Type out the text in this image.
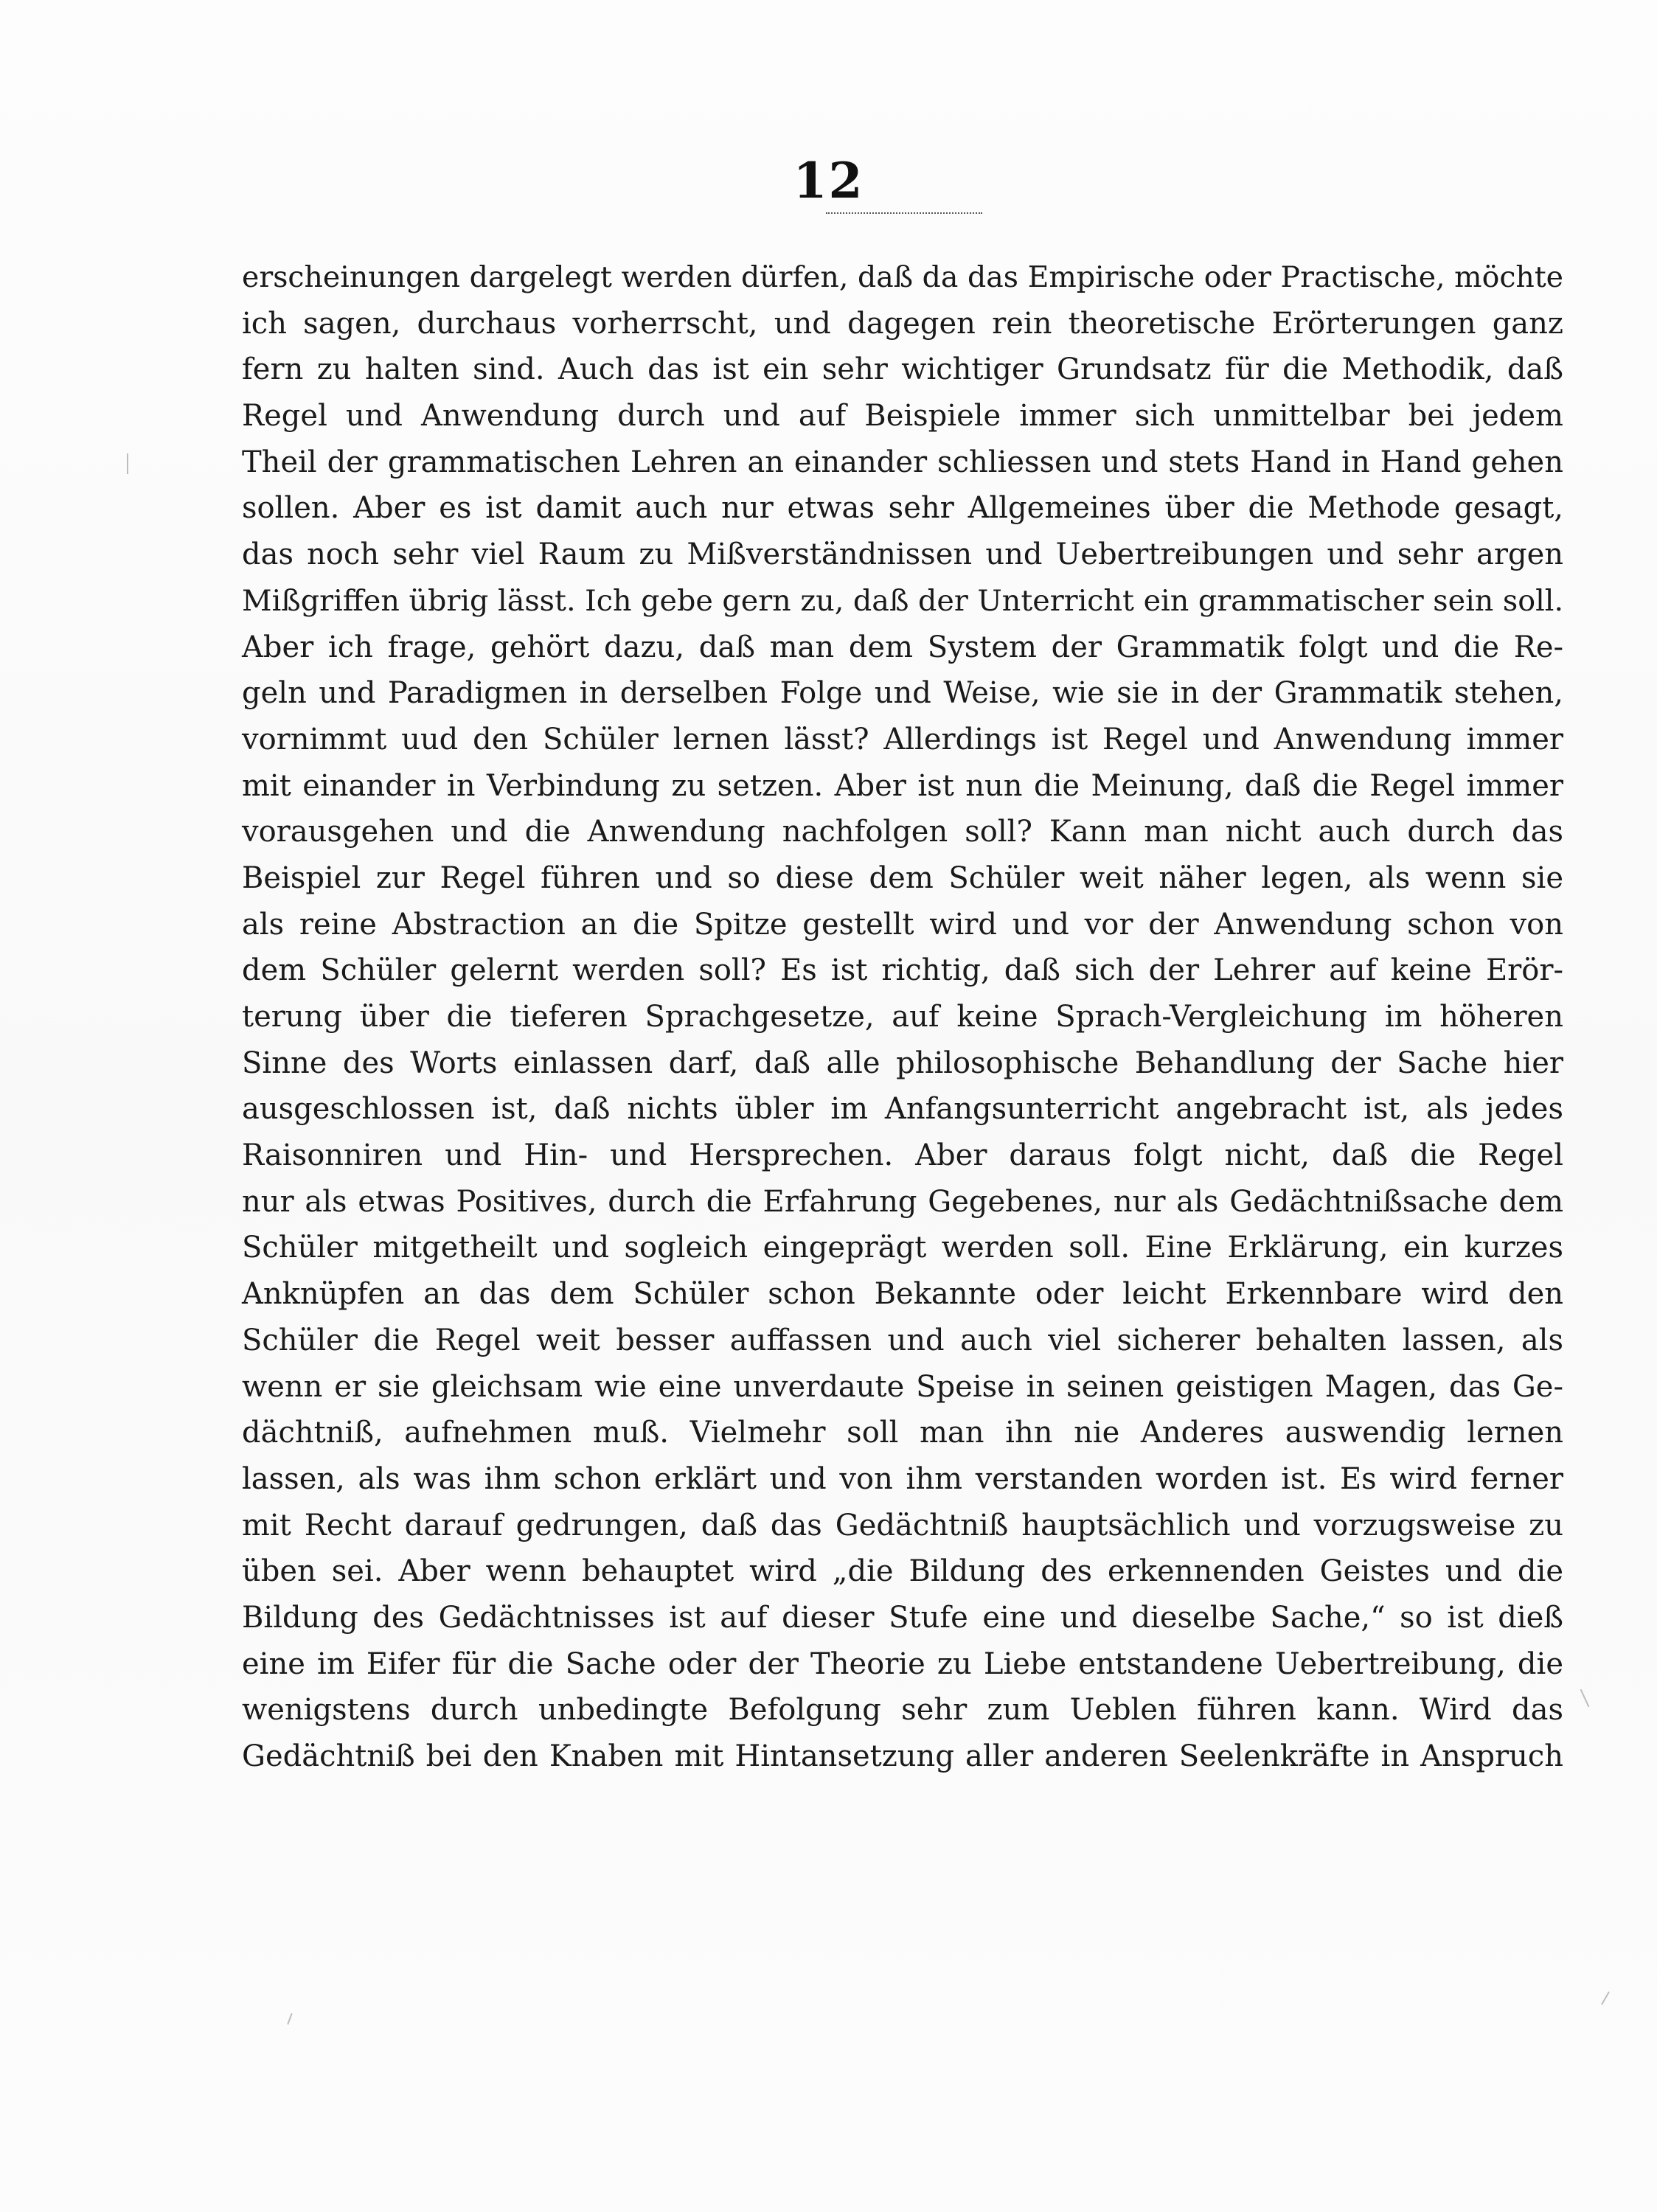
12
erscheinungen dargelegt werden dürfen, daß da das Empirische oder Practische, möchte
ich sagen, durchaus vorherrscht, und dagegen rein theoretische Erörterungen ganz
fern zu halten sind. Auch das ist ein sehr wichtiger Grundsatz für die Methodik, daß
Regel und Anwendung durch und auf Beispiele immer sich unmittelbar bei jedem
Theil der grammatischen Lehren an einander schliessen und stets Hand in Hand gehen
sollen. Aber es ist damit auch nur etwas sehr Allgemeines über die Methode gesagt,
das noch sehr viel Raum zu Mißverständnissen und Uebertreibungen und sehr argen
Mißgriffen übrig lässt. Ich gebe gern zu, daß der Unterricht ein grammatischer sein soll.
Aber ich frage, gehört dazu, daß man dem System der Grammatik folgt und die Re-
geln und Paradigmen in derselben Folge und Weise, wie sie in der Grammatik stehen,
vornimmt uud den Schüler lernen lässt? Allerdings ist Regel und Anwendung immer
mit einander in Verbindung zu setzen. Aber ist nun die Meinung, daß die Regel immer
vorausgehen und die Anwendung nachfolgen soll? Kann man nicht auch durch das
Beispiel zur Regel führen und so diese dem Schüler weit näher legen, als wenn sie
als reine Abstraction an die Spitze gestellt wird und vor der Anwendung schon von
dem Schüler gelernt werden soll? Es ist richtig, daß sich der Lehrer auf keine Erör-
terung über die tieferen Sprachgesetze, auf keine Sprach-Vergleichung im höheren
Sinne des Worts einlassen darf, daß alle philosophische Behandlung der Sache hier
ausgeschlossen ist, daß nichts übler im Anfangsunterricht angebracht ist, als jedes
Raisonniren und Hin- und Hersprechen. Aber daraus folgt nicht, daß die Regel
nur als etwas Positives, durch die Erfahrung Gegebenes, nur als Gedächtnißsache dem
Schüler mitgetheilt und sogleich eingeprägt werden soll. Eine Erklärung, ein kurzes
Anknüpfen an das dem Schüler schon Bekannte oder leicht Erkennbare wird den
Schüler die Regel weit besser auffassen und auch viel sicherer behalten lassen, als
wenn er sie gleichsam wie eine unverdaute Speise in seinen geistigen Magen, das Ge-
dächtniß, aufnehmen muß. Vielmehr soll man ihn nie Anderes auswendig lernen
lassen, als was ihm schon erklärt und von ihm verstanden worden ist. Es wird ferner
mit Recht darauf gedrungen, daß das Gedächtniß hauptsächlich und vorzugsweise zu
üben sei. Aber wenn behauptet wird „die Bildung des erkennenden Geistes und die
Bildung des Gedächtnisses ist auf dieser Stufe eine und dieselbe Sache,“ so ist dieß
eine im Eifer für die Sache oder der Theorie zu Liebe entstandene Uebertreibung, die
wenigstens durch unbedingte Befolgung sehr zum Ueblen führen kann. Wird das
Gedächtniß bei den Knaben mit Hintansetzung aller anderen Seelenkräfte in Anspruch
